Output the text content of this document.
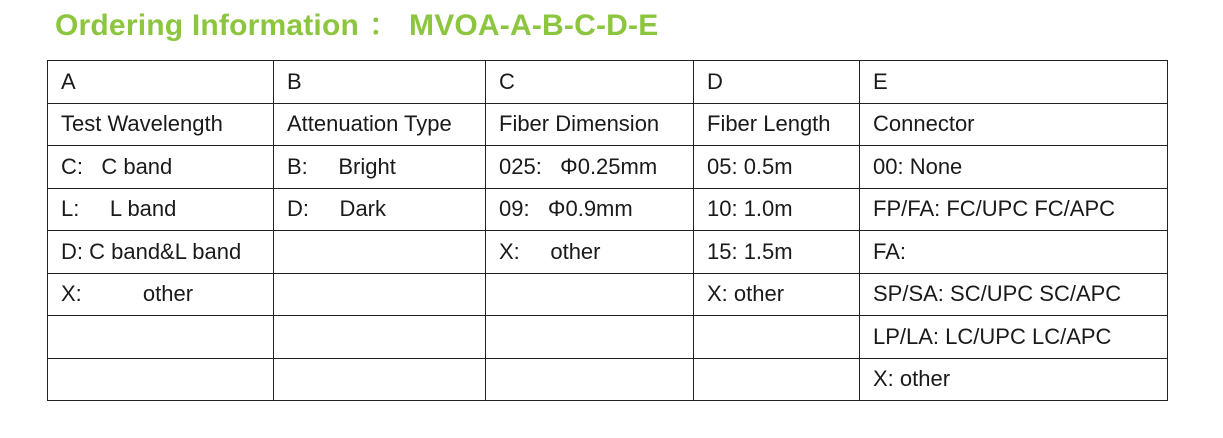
Ordering Information ： MVOA-A-B-C-D-E
A	B	C	D	E
Test Wavelength	Attenuation Type	Fiber Dimension	Fiber Length	Connector
C:   C band	B:     Bright	025:   Φ0.25mm	05: 0.5m	00: None
L:     L band	D:     Dark	09:   Φ0.9mm	10: 1.0m	FP/FA: FC/UPC FC/APC
D: C band&L band		X:     other	15: 1.5m	FA:
X:          other			X: other	SP/SA: SC/UPC SC/APC
				LP/LA: LC/UPC LC/APC
				X: other
